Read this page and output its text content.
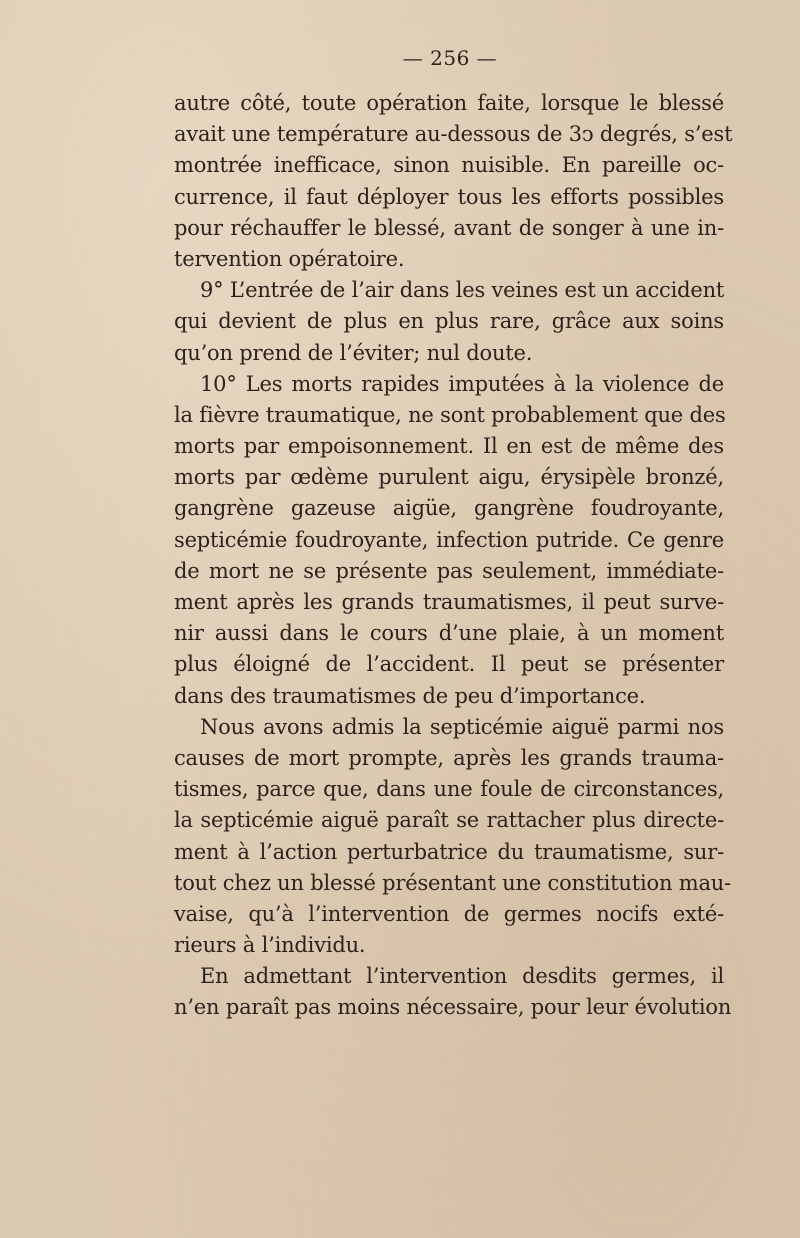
— 256 —
autre côté, toute opération faite, lorsque le blessé
avait une température au-dessous de 3ↄ degrés, s’est
montrée inefficace, sinon nuisible. En pareille oc-
currence, il faut déployer tous les efforts possibles
pour réchauffer le blessé, avant de songer à une in-
tervention opératoire.
9° L’entrée de l’air dans les veines est un accident
qui devient de plus en plus rare, grâce aux soins
qu’on prend de l’éviter; nul doute.
10° Les morts rapides imputées à la violence de
la fièvre traumatique, ne sont probablement que des
morts par empoisonnement. Il en est de même des
morts par œdème purulent aigu, érysipèle bronzé,
gangrène gazeuse aigüe, gangrène foudroyante,
septicémie foudroyante, infection putride. Ce genre
de mort ne se présente pas seulement, immédiate-
ment après les grands traumatismes, il peut surve-
nir aussi dans le cours d’une plaie, à un moment
plus éloigné de l’accident. Il peut se présenter
dans des traumatismes de peu d’importance.
Nous avons admis la septicémie aiguë parmi nos
causes de mort prompte, après les grands trauma-
tismes, parce que, dans une foule de circonstances,
la septicémie aiguë paraît se rattacher plus directe-
ment à l’action perturbatrice du traumatisme, sur-
tout chez un blessé présentant une constitution mau-
vaise, qu’à l’intervention de germes nocifs exté-
rieurs à l’individu.
En admettant l’intervention desdits germes, il
n’en paraît pas moins nécessaire, pour leur évolution
